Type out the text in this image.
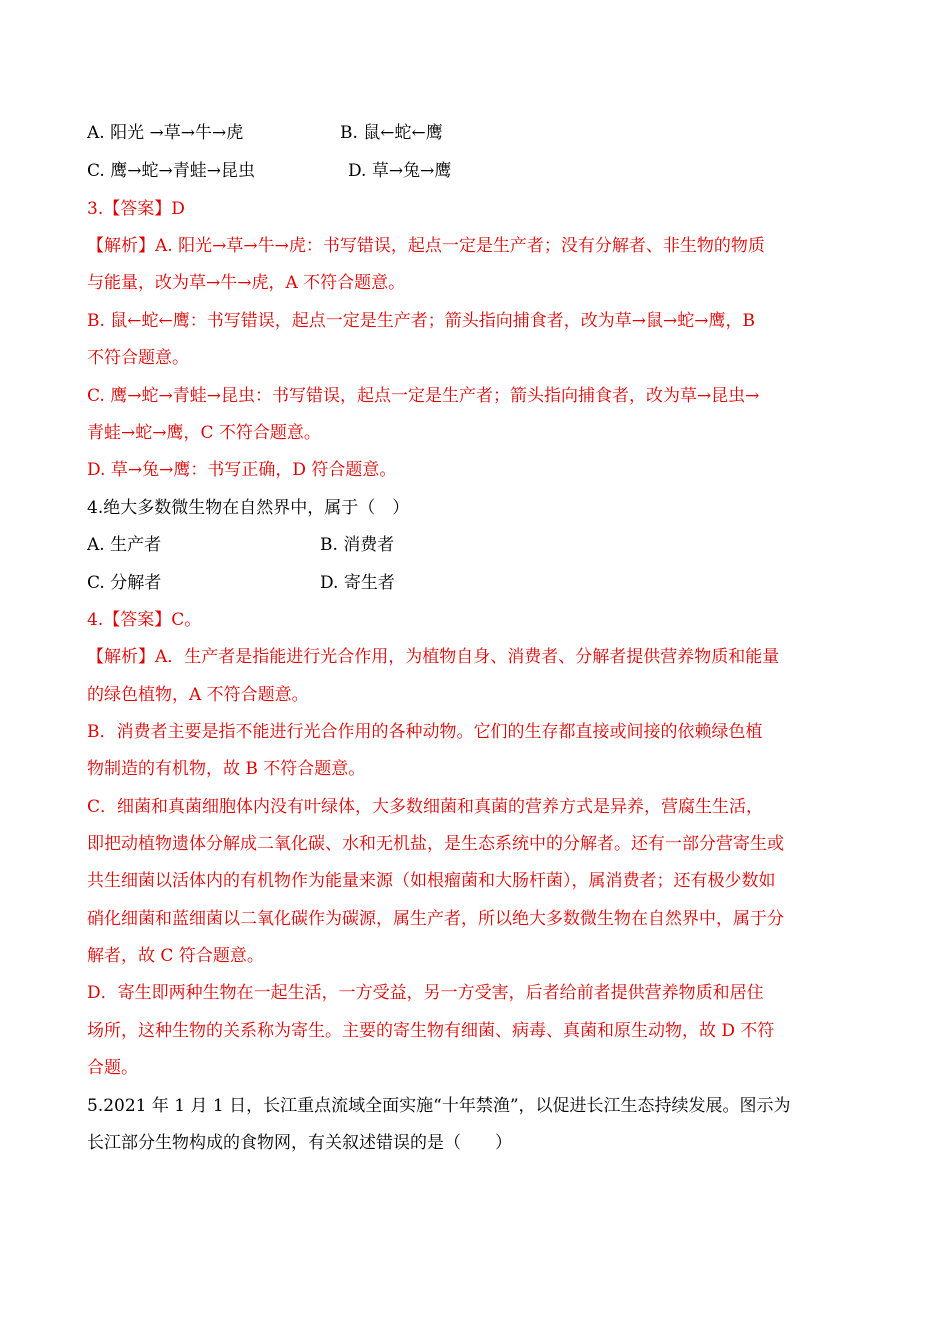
A. 阳光 →草→牛→虎	B. 鼠←蛇←鹰
C. 鹰→蛇→青蛙→昆虫	D. 草→兔→鹰
3.【答案】D
【解析】A. 阳光→草→牛→虎：书写错误，起点一定是生产者；没有分解者、非生物的物质
与能量，改为草→牛→虎，A 不符合题意。
B. 鼠←蛇←鹰：书写错误，起点一定是生产者；箭头指向捕食者，改为草→鼠→蛇→鹰，B
不符合题意。
C. 鹰→蛇→青蛙→昆虫：书写错误，起点一定是生产者；箭头指向捕食者，改为草→昆虫→
青蛙→蛇→鹰，C 不符合题意。
D. 草→兔→鹰：书写正确，D 符合题意。
4.绝大多数微生物在自然界中，属于（　）
A. 生产者	B. 消费者
C. 分解者	D. 寄生者
4.【答案】C。
【解析】A．生产者是指能进行光合作用，为植物自身、消费者、分解者提供营养物质和能量
的绿色植物，A 不符合题意。
B．消费者主要是指不能进行光合作用的各种动物。它们的生存都直接或间接的依赖绿色植
物制造的有机物，故 B 不符合题意。
C．细菌和真菌细胞体内没有叶绿体，大多数细菌和真菌的营养方式是异养，营腐生生活，
即把动植物遗体分解成二氧化碳、水和无机盐，是生态系统中的分解者。还有一部分营寄生或
共生细菌以活体内的有机物作为能量来源（如根瘤菌和大肠杆菌），属消费者；还有极少数如
硝化细菌和蓝细菌以二氧化碳作为碳源，属生产者，所以绝大多数微生物在自然界中，属于分
解者，故 C 符合题意。
D．寄生即两种生物在一起生活，一方受益，另一方受害，后者给前者提供营养物质和居住
场所，这种生物的关系称为寄生。主要的寄生物有细菌、病毒、真菌和原生动物，故 D 不符
合题。
5.2021 年 1 月 1 日，长江重点流域全面实施“十年禁渔”，以促进长江生态持续发展。图示为
长江部分生物构成的食物网，有关叙述错误的是（　　）
